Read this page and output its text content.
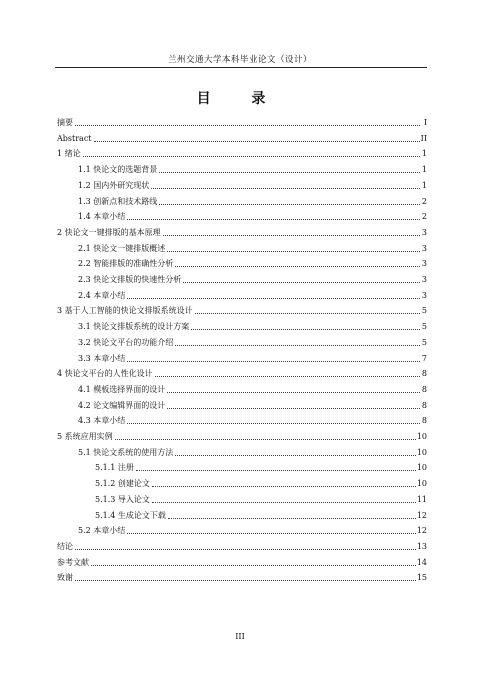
兰州交通大学本科毕业论文（设计）
目 录
摘要	I
Abstract	II
1 绪论	1
1.1 快论文的选题背景	1
1.2 国内外研究现状	1
1.3 创新点和技术路线	2
1.4 本章小结	2
2 快论文一键排版的基本原理	3
2.1 快论文一键排版概述	3
2.2 智能排版的准确性分析	3
2.3 快论文排版的快速性分析	3
2.4 本章小结	3
3 基于人工智能的快论文排版系统设计	5
3.1 快论文排版系统的设计方案	5
3.2 快论文平台的功能介绍	5
3.3 本章小结	7
4 快论文平台的人性化设计	8
4.1 模板选择界面的设计	8
4.2 论文编辑界面的设计	8
4.3 本章小结	8
5 系统应用实例	10
5.1 快论文系统的使用方法	10
5.1.1 注册	10
5.1.2 创建论文	10
5.1.3 导入论文	11
5.1.4 生成论文下载	12
5.2 本章小结	12
结论	13
参考文献	14
致谢	15
III
